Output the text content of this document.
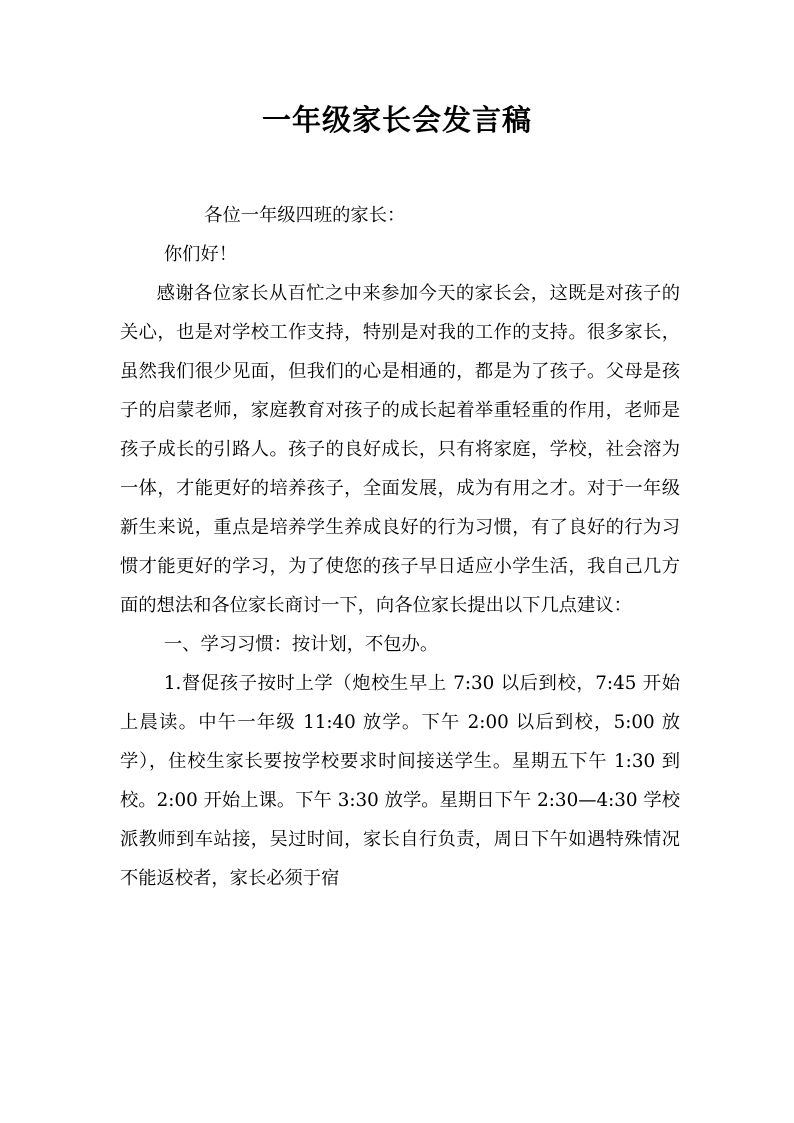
一年级家长会发言稿

各位一年级四班的家长：

你们好！

感谢各位家长从百忙之中来参加今天的家长会，这既是对孩子的关心，也是对学校工作支持，特别是对我的工作的支持。很多家长，虽然我们很少见面，但我们的心是相通的，都是为了孩子。父母是孩子的启蒙老师，家庭教育对孩子的成长起着举重轻重的作用，老师是孩子成长的引路人。孩子的良好成长，只有将家庭，学校，社会溶为一体，才能更好的培养孩子，全面发展，成为有用之才。对于一年级新生来说，重点是培养学生养成良好的行为习惯，有了良好的行为习惯才能更好的学习，为了使您的孩子早日适应小学生活，我自己几方面的想法和各位家长商讨一下，向各位家长提出以下几点建议：

一、学习习惯：按计划，不包办。

1.督促孩子按时上学（炮校生早上 7:30 以后到校，7:45 开始上晨读。中午一年级 11:40 放学。下午 2:00 以后到校，5:00 放学），住校生家长要按学校要求时间接送学生。星期五下午 1:30 到校。2:00 开始上课。下午 3:30 放学。星期日下午 2:30—4:30 学校派教师到车站接，吴过时间，家长自行负责，周日下午如遇特殊情况不能返校者，家长必须于宿
